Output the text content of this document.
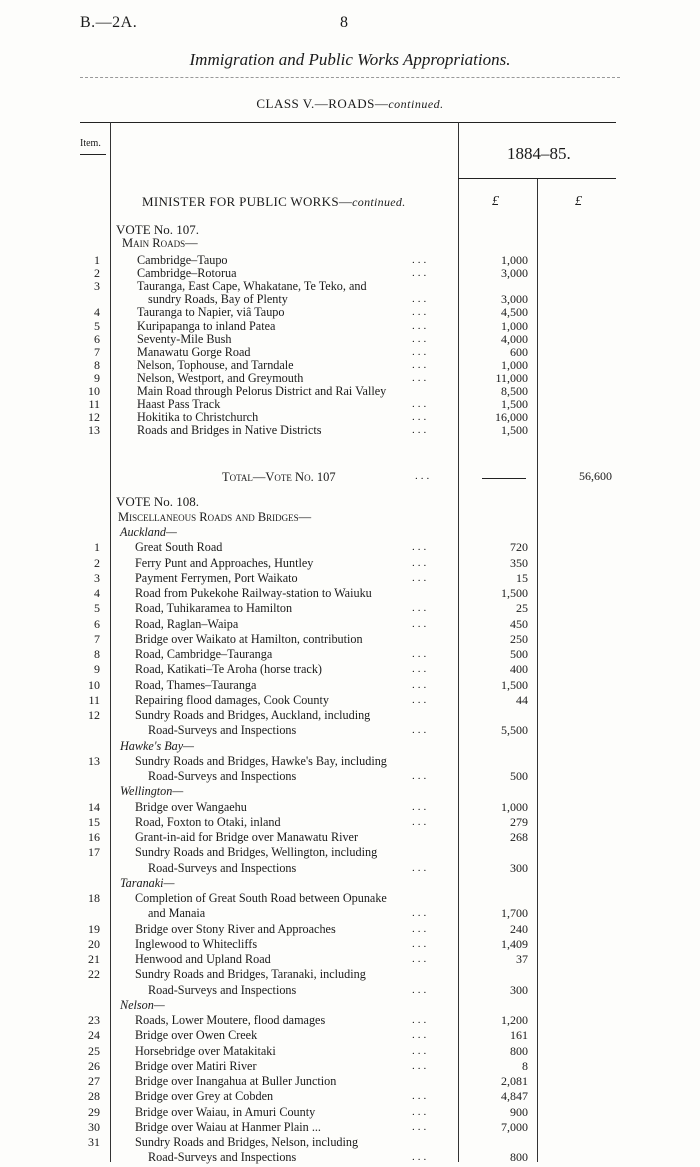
B.—2A.	8
Immigration and Public Works Appropriations.
CLASS V.—ROADS—continued.
Item.
1884–85.
£	£
MINISTER FOR PUBLIC WORKS—continued.
VOTE No. 107.
Main Roads—
1	Cambridge–Taupo	...	1,000
2	Cambridge–Rotorua	...	3,000
3	Tauranga, East Cape, Whakatane, Te Teko, and
sundry Roads, Bay of Plenty	...	3,000
4	Tauranga to Napier, viâ Taupo	...	4,500
5	Kuripapanga to inland Patea	...	1,000
6	Seventy-Mile Bush	...	4,000
7	Manawatu Gorge Road	...	600
8	Nelson, Tophouse, and Tarndale	...	1,000
9	Nelson, Westport, and Greymouth	...	11,000
10	Main Road through Pelorus District and Rai Valley	8,500
11	Haast Pass Track	...	1,500
12	Hokitika to Christchurch	...	16,000
13	Roads and Bridges in Native Districts	...	1,500
Total—Vote No. 107	...	56,600
VOTE No. 108.
Miscellaneous Roads and Bridges—
Auckland—
1	Great South Road	...	720
2	Ferry Punt and Approaches, Huntley	...	350
3	Payment Ferrymen, Port Waikato	...	15
4	Road from Pukekohe Railway-station to Waiuku	1,500
5	Road, Tuhikaramea to Hamilton	...	25
6	Road, Raglan–Waipa	...	450
7	Bridge over Waikato at Hamilton, contribution	250
8	Road, Cambridge–Tauranga	...	500
9	Road, Katikati–Te Aroha (horse track)	...	400
10	Road, Thames–Tauranga	...	1,500
11	Repairing flood damages, Cook County	...	44
12	Sundry Roads and Bridges, Auckland, including
Road-Surveys and Inspections	...	5,500
Hawke's Bay—
13	Sundry Roads and Bridges, Hawke's Bay, including
Road-Surveys and Inspections	...	500
Wellington—
14	Bridge over Wangaehu	...	1,000
15	Road, Foxton to Otaki, inland	...	279
16	Grant-in-aid for Bridge over Manawatu River	268
17	Sundry Roads and Bridges, Wellington, including
Road-Surveys and Inspections	...	300
Taranaki—
18	Completion of Great South Road between Opunake
and Manaia	...	1,700
19	Bridge over Stony River and Approaches	...	240
20	Inglewood to Whitecliffs	...	1,409
21	Henwood and Upland Road	...	37
22	Sundry Roads and Bridges, Taranaki, including
Road-Surveys and Inspections	...	300
Nelson—
23	Roads, Lower Moutere, flood damages	...	1,200
24	Bridge over Owen Creek	...	161
25	Horsebridge over Matakitaki	...	800
26	Bridge over Matiri River	...	8
27	Bridge over Inangahua at Buller Junction	2,081
28	Bridge over Grey at Cobden	...	4,847
29	Bridge over Waiau, in Amuri County	...	900
30	Bridge over Waiau at Hanmer Plain ...	...	7,000
31	Sundry Roads and Bridges, Nelson, including
Road-Surveys and Inspections	...	800
